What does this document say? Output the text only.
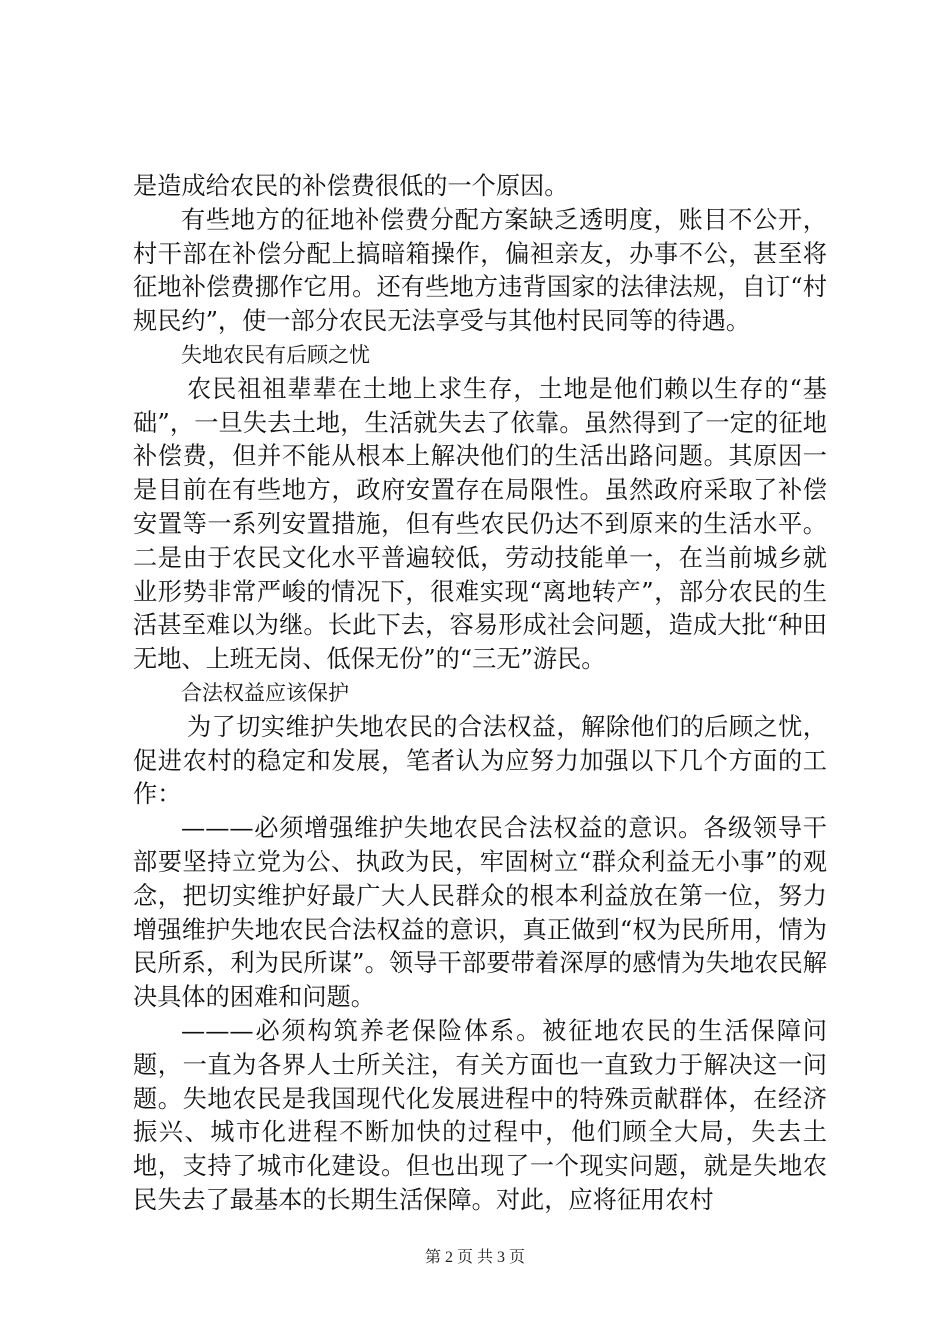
是造成给农民的补偿费很低的一个原因。

有些地方的征地补偿费分配方案缺乏透明度，账目不公开，村干部在补偿分配上搞暗箱操作，偏袒亲友，办事不公，甚至将征地补偿费挪作它用。还有些地方违背国家的法律法规，自订“村规民约”，使一部分农民无法享受与其他村民同等的待遇。

失地农民有后顾之忧

农民祖祖辈辈在土地上求生存，土地是他们赖以生存的“基础”，一旦失去土地，生活就失去了依靠。虽然得到了一定的征地补偿费，但并不能从根本上解决他们的生活出路问题。其原因一是目前在有些地方，政府安置存在局限性。虽然政府采取了补偿安置等一系列安置措施，但有些农民仍达不到原来的生活水平。二是由于农民文化水平普遍较低，劳动技能单一，在当前城乡就业形势非常严峻的情况下，很难实现“离地转产”，部分农民的生活甚至难以为继。长此下去，容易形成社会问题，造成大批“种田无地、上班无岗、低保无份”的“三无”游民。

合法权益应该保护

为了切实维护失地农民的合法权益，解除他们的后顾之忧，促进农村的稳定和发展，笔者认为应努力加强以下几个方面的工作：

———必须增强维护失地农民合法权益的意识。各级领导干部要坚持立党为公、执政为民，牢固树立“群众利益无小事”的观念，把切实维护好最广大人民群众的根本利益放在第一位，努力增强维护失地农民合法权益的意识，真正做到“权为民所用，情为民所系，利为民所谋”。领导干部要带着深厚的感情为失地农民解决具体的困难和问题。

———必须构筑养老保险体系。被征地农民的生活保障问题，一直为各界人士所关注，有关方面也一直致力于解决这一问题。失地农民是我国现代化发展进程中的特殊贡献群体，在经济振兴、城市化进程不断加快的过程中，他们顾全大局，失去土地，支持了城市化建设。但也出现了一个现实问题，就是失地农民失去了最基本的长期生活保障。对此，应将征用农村

第 2 页 共 3 页
